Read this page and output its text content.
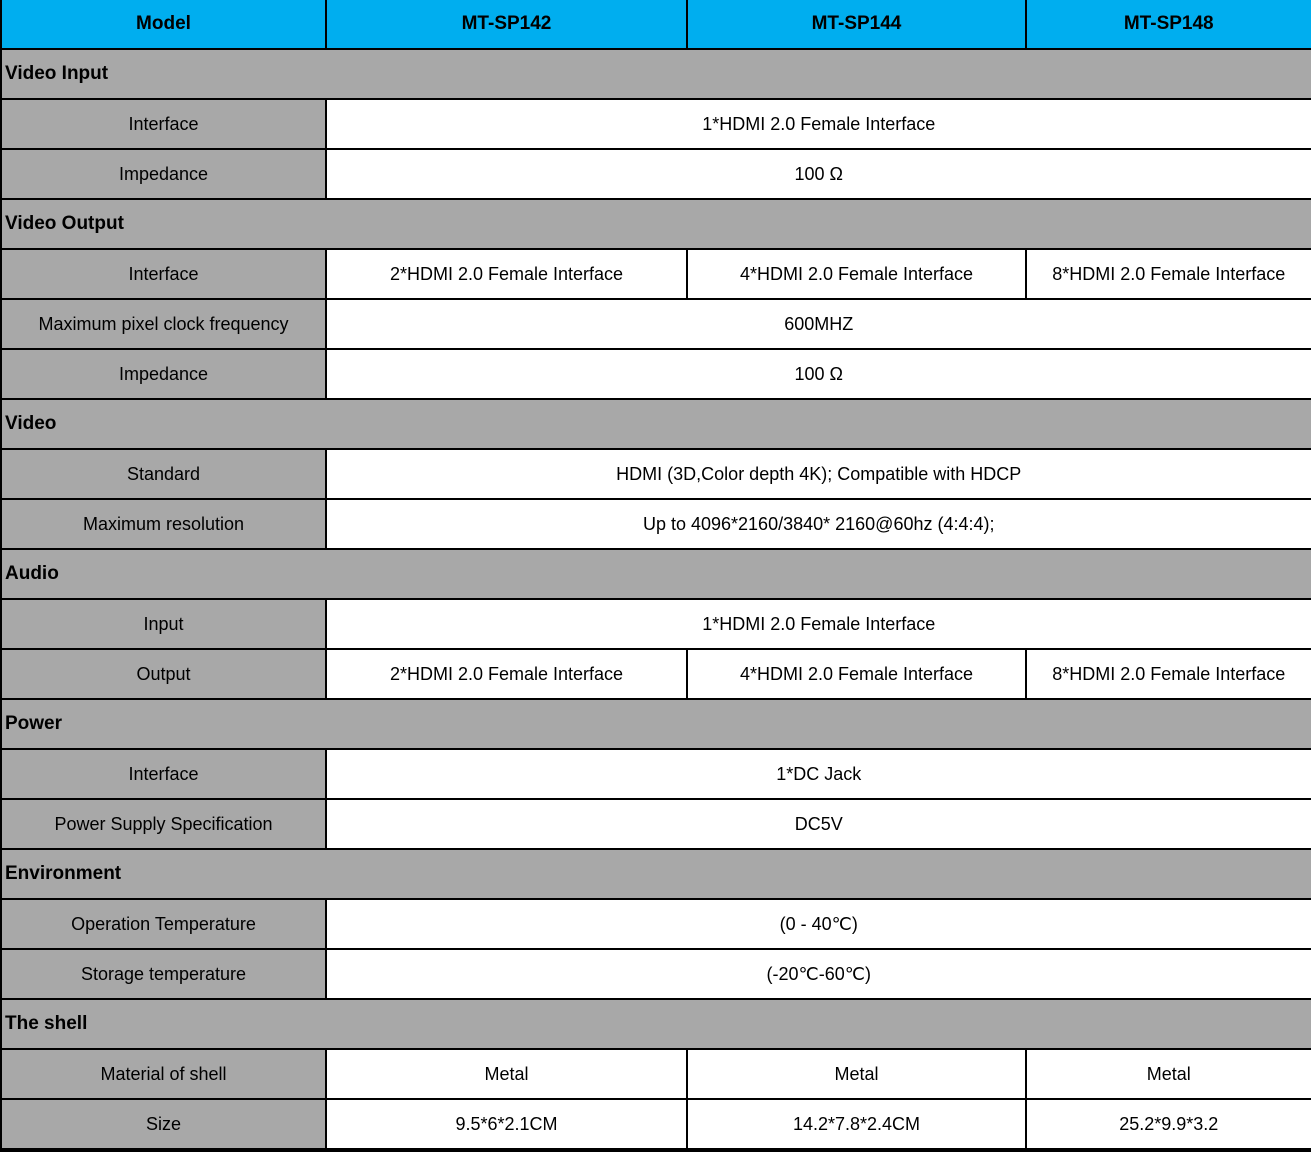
Model	MT-SP142	MT-SP144	MT-SP148
Video Input			
Interface	1*HDMI 2.0 Female Interface		
Impedance	100 Ω		
Video Output			
Interface	2*HDMI 2.0 Female Interface	4*HDMI 2.0 Female Interface	8*HDMI 2.0 Female Interface
Maximum pixel clock frequency	600MHZ		
Impedance	100 Ω		
Video			
Standard	HDMI (3D,Color depth 4K); Compatible with HDCP		
Maximum resolution	Up to 4096*2160/3840* 2160@60hz (4:4:4);		
Audio			
Input	1*HDMI 2.0 Female Interface		
Output	2*HDMI 2.0 Female Interface	4*HDMI 2.0 Female Interface	8*HDMI 2.0 Female Interface
Power			
Interface	1*DC Jack		
Power Supply Specification	DC5V		
Environment			
Operation Temperature	(0 - 40℃)		
Storage temperature	(-20℃-60℃)		
The shell			
Material of shell	Metal	Metal	Metal
Size	9.5*6*2.1CM	14.2*7.8*2.4CM	25.2*9.9*3.2
